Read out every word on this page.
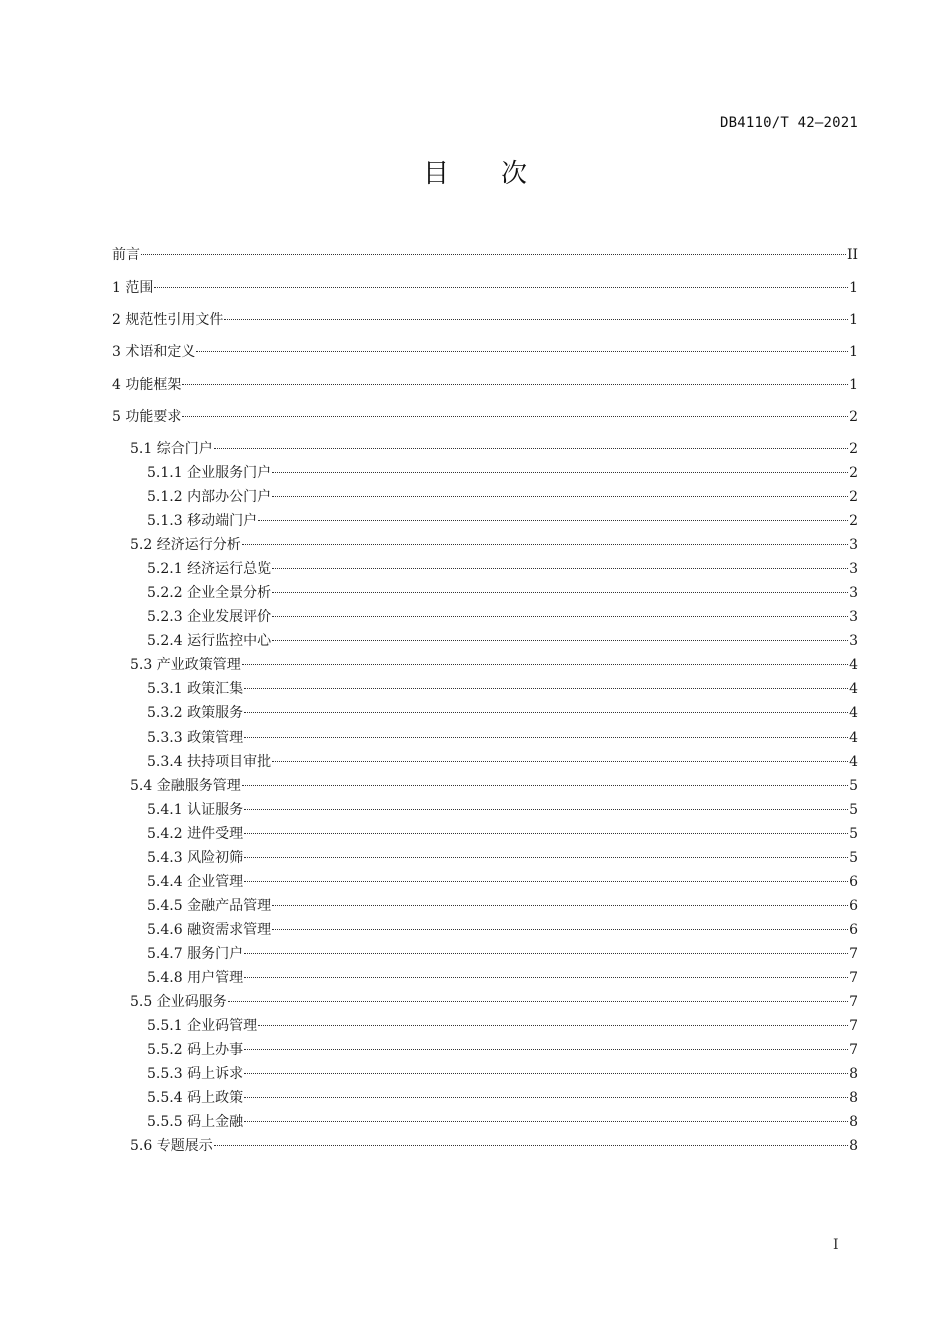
DB4110/T 42—2021
目次
前言	II
1 范围	1
2 规范性引用文件	1
3 术语和定义	1
4 功能框架	1
5 功能要求	2
5.1 综合门户	2
5.1.1 企业服务门户	2
5.1.2 内部办公门户	2
5.1.3 移动端门户	2
5.2 经济运行分析	3
5.2.1 经济运行总览	3
5.2.2 企业全景分析	3
5.2.3 企业发展评价	3
5.2.4 运行监控中心	3
5.3 产业政策管理	4
5.3.1 政策汇集	4
5.3.2 政策服务	4
5.3.3 政策管理	4
5.3.4 扶持项目审批	4
5.4 金融服务管理	5
5.4.1 认证服务	5
5.4.2 进件受理	5
5.4.3 风险初筛	5
5.4.4 企业管理	6
5.4.5 金融产品管理	6
5.4.6 融资需求管理	6
5.4.7 服务门户	7
5.4.8 用户管理	7
5.5 企业码服务	7
5.5.1 企业码管理	7
5.5.2 码上办事	7
5.5.3 码上诉求	8
5.5.4 码上政策	8
5.5.5 码上金融	8
5.6 专题展示	8
I
